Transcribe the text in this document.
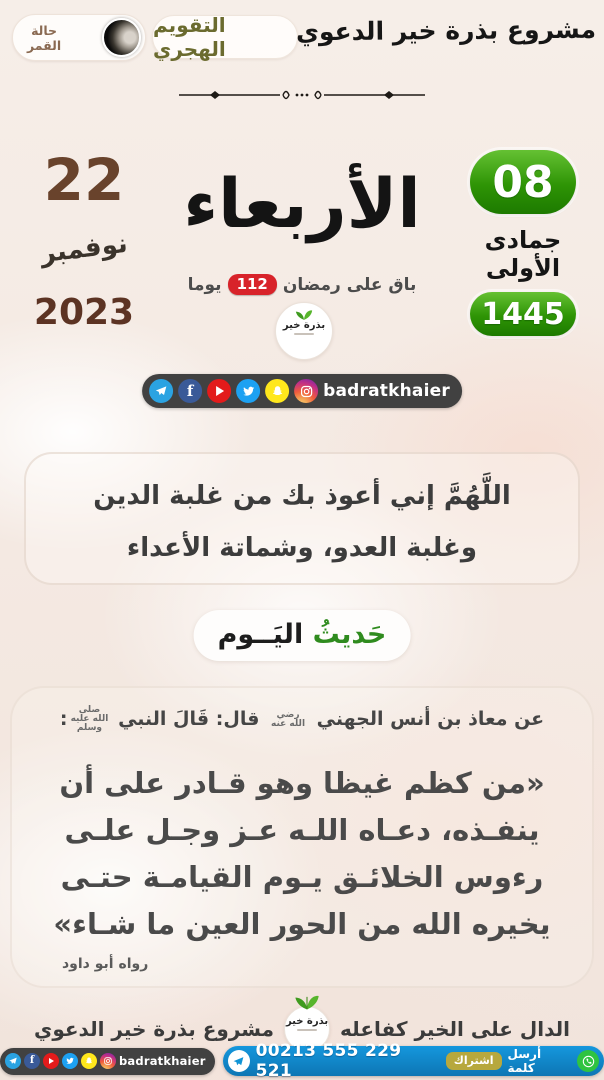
حالة
القمر
التقويم الهجري
مشروع بذرة خير الدعوي
22
نوفمبر
2023
الأربعاء
باق على رمضان
112
يوما
08
جمادى الأولى
1445
بذرة خير
f	badratkhaier
اللَّهُمَّ إني أعوذ بك من غلبة الدين
وغلبة العدو، وشماتة الأعداء
حَديثُ اليَــوم
عن معاذ بن أنس الجهني رضي الله عنه قال: قَالَ النبي صلى الله عليه وسلم:
«من كظم غيظا وهو قـادر على أن
ينفـذه، دعـاه اللـه عـز وجـل علـى
رءوس الخلائـق يـوم القيامـة حتـى
يخيره الله من الحور العين ما شـاء»
رواه أبو داود
مشروع بذرة خير الدعوي بذرة خير الدال على الخير كفاعله
f	badratkhaier	00213 555 229 521
اشتراك	أرسل كلمة
